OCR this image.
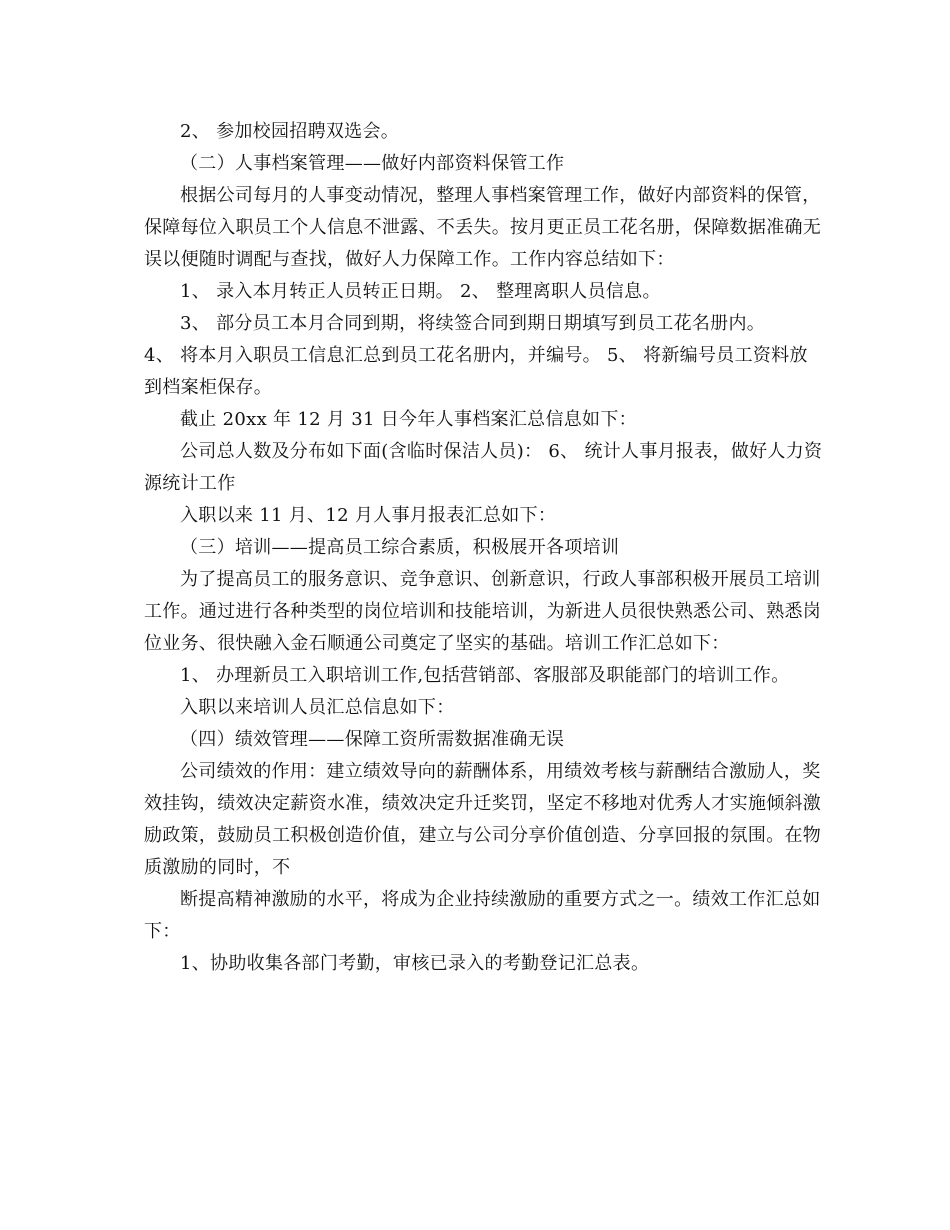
2、 参加校园招聘双选会。

（二）人事档案管理——做好内部资料保管工作

根据公司每月的人事变动情况，整理人事档案管理工作，做好内部资料的保管，保障每位入职员工个人信息不泄露、不丢失。按月更正员工花名册，保障数据准确无误以便随时调配与查找，做好人力保障工作。工作内容总结如下：

1、 录入本月转正人员转正日期。 2、 整理离职人员信息。

3、 部分员工本月合同到期，将续签合同到期日期填写到员工花名册内。

4、 将本月入职员工信息汇总到员工花名册内，并编号。 5、 将新编号员工资料放到档案柜保存。

截止 20xx 年 12 月 31 日今年人事档案汇总信息如下：

公司总人数及分布如下面(含临时保洁人员)： 6、 统计人事月报表，做好人力资源统计工作

入职以来 11 月、12 月人事月报表汇总如下：

（三）培训——提高员工综合素质，积极展开各项培训

为了提高员工的服务意识、竞争意识、创新意识，行政人事部积极开展员工培训工作。通过进行各种类型的岗位培训和技能培训，为新进人员很快熟悉公司、熟悉岗位业务、很快融入金石顺通公司奠定了坚实的基础。培训工作汇总如下：

1、 办理新员工入职培训工作,包括营销部、客服部及职能部门的培训工作。

入职以来培训人员汇总信息如下：

（四）绩效管理——保障工资所需数据准确无误

公司绩效的作用：建立绩效导向的薪酬体系，用绩效考核与薪酬结合激励人，奖效挂钩，绩效决定薪资水准，绩效决定升迁奖罚，坚定不移地对优秀人才实施倾斜激励政策，鼓励员工积极创造价值，建立与公司分享价值创造、分享回报的氛围。在物质激励的同时，不

断提高精神激励的水平，将成为企业持续激励的重要方式之一。绩效工作汇总如下：

1、协助收集各部门考勤，审核已录入的考勤登记汇总表。
